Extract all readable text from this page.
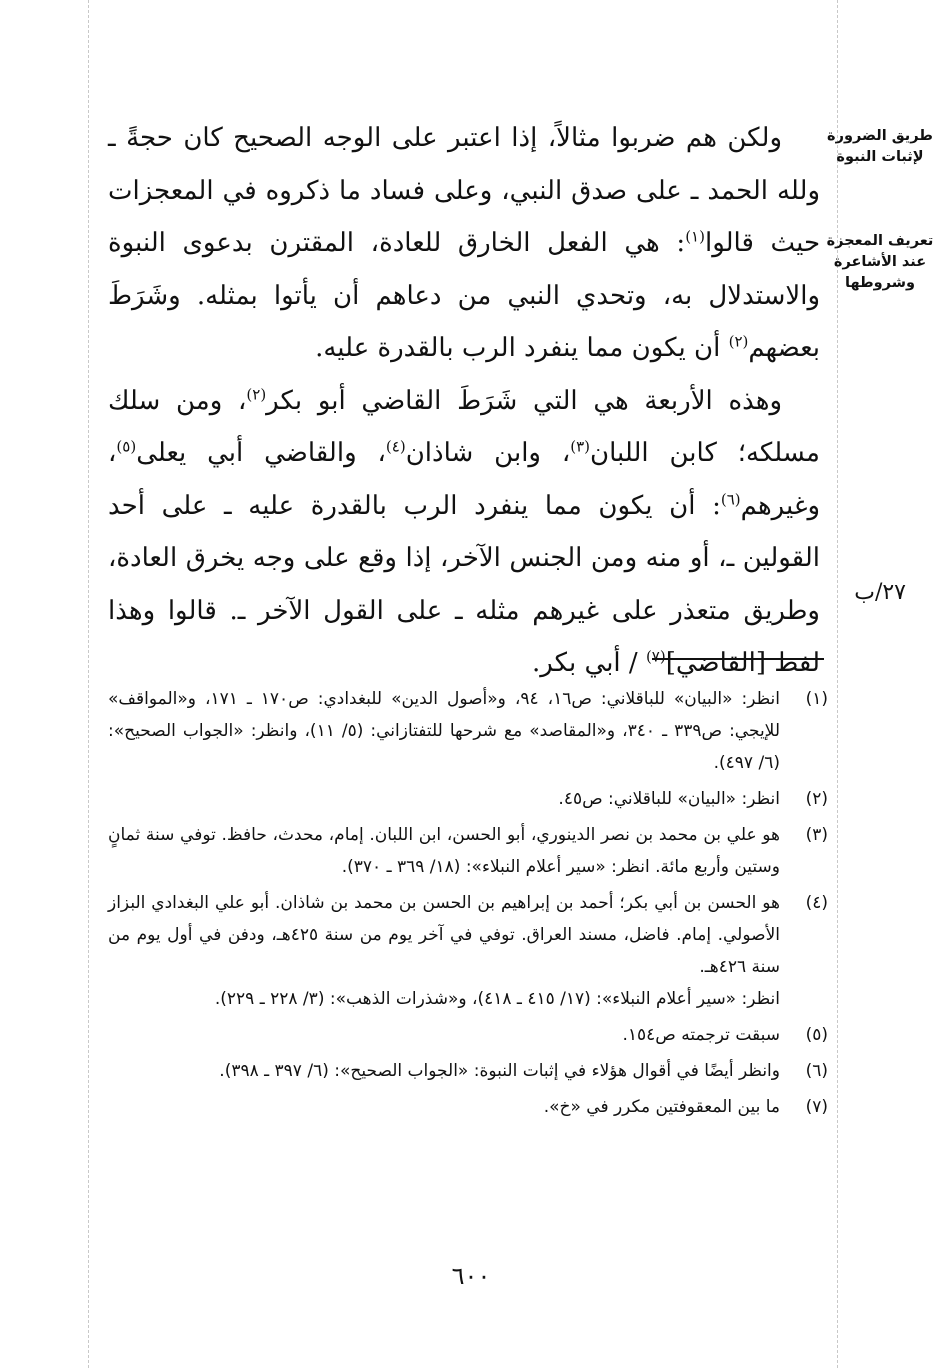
طريق الضرورة لإثبات النبوة
تعريف المعجزة عند الأشاعرة وشروطها
٢٧/ب

ولكن هم ضربوا مثالاً، إذا اعتبر على الوجه الصحيح كان حجةً ـ ولله الحمد ـ على صدق النبي، وعلى فساد ما ذكروه في المعجزات حيث قالوا$^{(١)}$: هي الفعل الخارق للعادة، المقترن بدعوى النبوة والاستدلال به، وتحدي النبي من دعاهم أن يأتوا بمثله. وشَرَطَ بعضهم$^{(٢)}$ أن يكون مما ينفرد الرب بالقدرة عليه.

وهذه الأربعة هي التي شَرَطَ القاضي أبو بكر$^{(٢)}$، ومن سلك مسلكه؛ كابن اللبان$^{(٣)}$، وابن شاذان$^{(٤)}$، والقاضي أبي يعلى$^{(٥)}$، وغيرهم$^{(٦)}$: أن يكون مما ينفرد الرب بالقدرة عليه ـ على أحد القولين ـ، أو منه ومن الجنس الآخر، إذا وقع على وجه يخرق العادة، وطريق متعذر على غيرهم مثله ـ على القول الآخر ـ. قالوا وهذا لفظ [القاضي]$^{(٧)}$ / أبي بكر.

(١)
انظر: «البيان» للباقلاني: ص١٦، ٩٤، و«أصول الدين» للبغدادي: ص١٧٠ ـ ١٧١، و«المواقف» للإيجي: ص٣٣٩ ـ ٣٤٠، و«المقاصد» مع شرحها للتفتازاني: (٥/ ١١)، وانظر: «الجواب الصحيح»: (٦/ ٤٩٧).
(٢)
انظر: «البيان» للباقلاني: ص٤٥.
(٣)
هو علي بن محمد بن نصر الدينوري، أبو الحسن، ابن اللبان. إمام، محدث، حافظ. توفي سنة ثمانٍ وستين وأربع مائة. انظر: «سير أعلام النبلاء»: (١٨/ ٣٦٩ ـ ٣٧٠).
(٤)
هو الحسن بن أبي بكر؛ أحمد بن إبراهيم بن الحسن بن محمد بن شاذان. أبو علي البغدادي البزاز الأصولي. إمام. فاضل، مسند العراق. توفي في آخر يوم من سنة ٤٢٥هـ، ودفن في أول يوم من سنة ٤٢٦هـ.
انظر: «سير أعلام النبلاء»: (١٧/ ٤١٥ ـ ٤١٨)، و«شذرات الذهب»: (٣/ ٢٢٨ ـ ٢٢٩).
(٥)
سبقت ترجمته ص١٥٤.
(٦)
وانظر أيضًا في أقوال هؤلاء في إثبات النبوة: «الجواب الصحيح»: (٦/ ٣٩٧ ـ ٣٩٨).
(٧)
ما بين المعقوفتين مكرر في «خ».
٦٠٠
